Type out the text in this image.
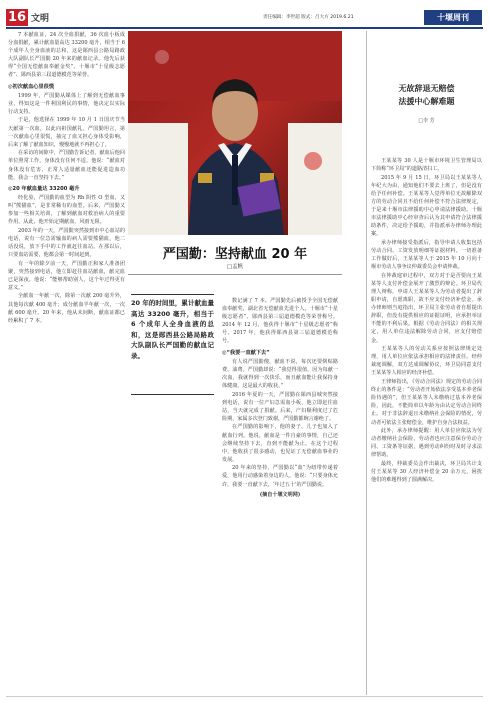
16 文明	责任编辑：李世超 版式：吕大方 2019.6.21	十堰周刊

7 本献血证，24 次全血捐献，36 次血小板成分血捐献，累计献血量高达 33200 毫升，相当于 6 个成年人全身血液的总和，这是郧西县公路局路政大队副队长严国勤 20 年来的献血记录。他先后获得“全国无偿献血奉献金奖”、十堰市“十星级志愿者”、郧西县第三届道德模范等荣誉。

◎初次献血心里很慌

1999 年，严国勤从媒体上了解到无偿献血事业，得知这是一件利国利民的事情，他决定以实际行动支持。

于是，他选择在 1999 年 10 月 1 日国庆节当天献第一次血，以此向祖国献礼。严国勤坦言，第一次献血心里很慌，抽完了血又担心身体受影响，后来了解了献血知识，慢慢地就不再担心了。

在采访的间隙中，严国勤告诉记者，献血后他回单位照常工作，身体没有任何不适。他说：“献血对身体没有危害，正常人适量献血还能促进造血功能，我会一直坚持下去。”

◎20 年献血量达 33200 毫升

经化验，严国勤的血型为 Rh 阴性 O 型血，又叫“熊猫血”，是非常稀有的血型。后来，严国勤又参加一些相关培训，了解到献血对救治病人的重要作用。从此，他开始定期献血，风雨无阻。

2003 年的一天，严国勤突然接到市中心血站的电话，说有一位急需输血的病人需要熊猫血，他二话没说，放下手中的工作就赶往血站。在那以后，只要血站需要，他都会第一时间赶到。

有一年的除夕前一天，严国勤正和家人准备团聚，突然接到电话，他立即赶往血站献血，献完血已是深夜。他说：“能够帮助别人，这个年过得更有意义。”

全献血一年献一次，除第一次献 200 毫升外，其他每次献 400 毫升；成分献血半年献一次，一次献 600 毫升。20 年来，他从未间断，献血证都已经累积了 7 本。

严国勤：坚持献血 20 年
□孟帆
20 年的时间里，累计献血量高达 33200 毫升，相当于 6 个成年人全身血液的总和，这是郧西县公路局路政大队副队长严国勤的献血记录。

数记满了 7 本。严国勤先后被授予全国无偿献血奉献奖、湖北省无偿献血先进个人、十堰市“十星级志愿者”、郧西县第三届道德模范等荣誉称号。2014 年 12 月，他获得十堰市“十星级志愿者”称号。2017 年，他获得郧西县第三届道德模范称号。

◎“我要一直献下去”

有人说严国勤傻，献血不说，每次还要倒贴路费、油费。严国勤却说：“我觉得很值，因为每献一次血，我就得到一次快乐，而且献血能让我保持身体健康，这是最大的收获。”

2016 年夏的一天，严国勤在郧西县城突然接到电话，说有一位产妇急需血小板，他立即赶往血站，当天就完成了捐献。后来，产妇顺利度过了危险期，家属多次登门致谢，严国勤都婉言谢绝了。

在严国勤的影响下，他的妻子、儿子也加入了献血行列。他说，献血是一件自豪的事情，自己还会继续坚持下去，直到不能献为止。在这个过程中，他收获了很多感动，也见证了无偿献血事业的发展。

20 年来的坚持，严国勤以“血”为纽带传递着爱，他用行动感染着身边的人。他说：“只要身体允许，我要一直献下去，‘年过五十’的严国勤说。

(摘自十堰文明网)

无故辞退无赔偿
法援中心解难题
□李 芳

王某某等 30 人是十堰市环境卫生管理局以下简称“环卫局”的道路清扫工。

2015 年 9 月 15 日，环卫局以王某某等人年纪大为由，通知他们不要去上班了，但是没有给予任何补偿。王某某等人觉得单位无故解除双方的劳动合同且不给任何补偿不符合法律规定，于是来十堰市法律援助中心申请法律援助。十堰市法律援助中心经审查后认为其申请符合法律援助条件，决定给予援助，并指派承办律师办理此案。

承办律师接受指派后，指导申请人收集包括劳动合同、工资发放明细等证据材料。一切准备工作做好后，王某某等人于 2015 年 10 月向十堰市劳动人事争议仲裁委员会申请仲裁。

在仲裁庭审过程中，双方对于是否要向王某某等人支付补偿金展开了激烈的辩论。环卫局代理人辩称，申请人王某某等人为劳动者提出了辞职申请，自愿离职，故不应支付经济补偿金。承办律师则当庭指出，环卫局主张劳动者自愿提出辞职，但没有提供相应的证据证明，应承担举证不能的不利后果。根据《劳动合同法》的相关规定，用人单位违法解除劳动合同，应支付赔偿金。

王某某等人的劳动关系应按照法律规定处理，用人单位应依法承担相应的法律责任。经仲裁庭调解，双方达成调解协议，环卫局同意支付王某某等人相应的经济补偿。

王律师指出，《劳动合同法》规定的劳动合同终止的条件是：“劳动者开始依法享受基本养老保险待遇的”，但王某某等人未缴纳过基本养老保险，因此，不能简单以年龄为由认定劳动合同终止。对于非法辞退且未缴纳社会保险的情况，劳动者可依法主张赔偿金，维护自身合法权益。

此外，承办律师提醒：用人单位应依法为劳动者缴纳社会保险，劳动者也应注意保存劳动合同、工资条等证据，遇到劳动纠纷时及时寻求法律帮助。

最终，仲裁委员会作出裁决，环卫局共计支付王某某等 30 人经济补偿金 20 余万元，困扰他们的难题得到了圆满解决。
